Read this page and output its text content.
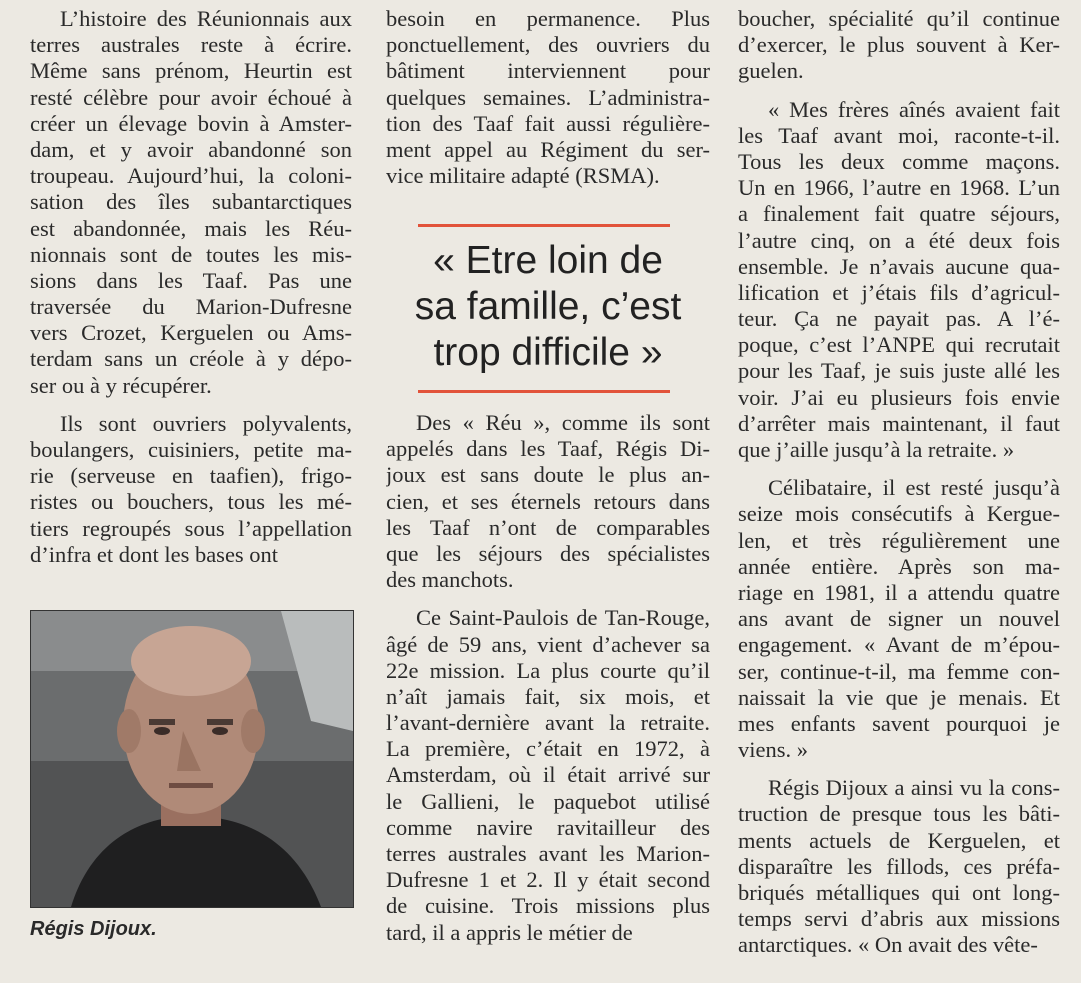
L’histoire des Réunionnais aux
terres australes reste à écrire.
Même sans prénom, Heurtin est
resté célèbre pour avoir échoué à
créer un élevage bovin à Amster-
dam, et y avoir abandonné son
troupeau. Aujourd’hui, la coloni-
sation des îles subantarctiques
est abandonnée, mais les Réu-
nionnais sont de toutes les mis-
sions dans les Taaf. Pas une
traversée du Marion-Dufresne
vers Crozet, Kerguelen ou Ams-
terdam sans un créole à y dépo-
ser ou à y récupérer.
Ils sont ouvriers polyvalents,
boulangers, cuisiniers, petite ma-
rie (serveuse en taafien), frigo-
ristes ou bouchers, tous les mé-
tiers regroupés sous l’appellation
d’infra et dont les bases ont
Régis Dijoux.
besoin en permanence. Plus
ponctuellement, des ouvriers du
bâtiment interviennent pour
quelques semaines. L’administra-
tion des Taaf fait aussi régulière-
ment appel au Régiment du ser-
vice militaire adapté (RSMA).
« Etre loin de
sa famille, c’est
trop difficile »
Des « Réu », comme ils sont
appelés dans les Taaf, Régis Di-
joux est sans doute le plus an-
cien, et ses éternels retours dans
les Taaf n’ont de comparables
que les séjours des spécialistes
des manchots.
Ce Saint-Paulois de Tan-Rouge,
âgé de 59 ans, vient d’achever sa
22e mission. La plus courte qu’il
n’aît jamais fait, six mois, et
l’avant-dernière avant la retraite.
La première, c’était en 1972, à
Amsterdam, où il était arrivé sur
le Gallieni, le paquebot utilisé
comme navire ravitailleur des
terres australes avant les Marion-
Dufresne 1 et 2. Il y était second
de cuisine. Trois missions plus
tard, il a appris le métier de
boucher, spécialité qu’il continue
d’exercer, le plus souvent à Ker-
guelen.
« Mes frères aînés avaient fait
les Taaf avant moi, raconte-t-il.
Tous les deux comme maçons.
Un en 1966, l’autre en 1968. L’un
a finalement fait quatre séjours,
l’autre cinq, on a été deux fois
ensemble. Je n’avais aucune qua-
lification et j’étais fils d’agricul-
teur. Ça ne payait pas. A l’é-
poque, c’est l’ANPE qui recrutait
pour les Taaf, je suis juste allé les
voir. J’ai eu plusieurs fois envie
d’arrêter mais maintenant, il faut
que j’aille jusqu’à la retraite. »
Célibataire, il est resté jusqu’à
seize mois consécutifs à Kergue-
len, et très régulièrement une
année entière. Après son ma-
riage en 1981, il a attendu quatre
ans avant de signer un nouvel
engagement. « Avant de m’épou-
ser, continue-t-il, ma femme con-
naissait la vie que je menais. Et
mes enfants savent pourquoi je
viens. »
Régis Dijoux a ainsi vu la cons-
truction de presque tous les bâti-
ments actuels de Kerguelen, et
disparaître les fillods, ces préfa-
briqués métalliques qui ont long-
temps servi d’abris aux missions
antarctiques. « On avait des vête-
